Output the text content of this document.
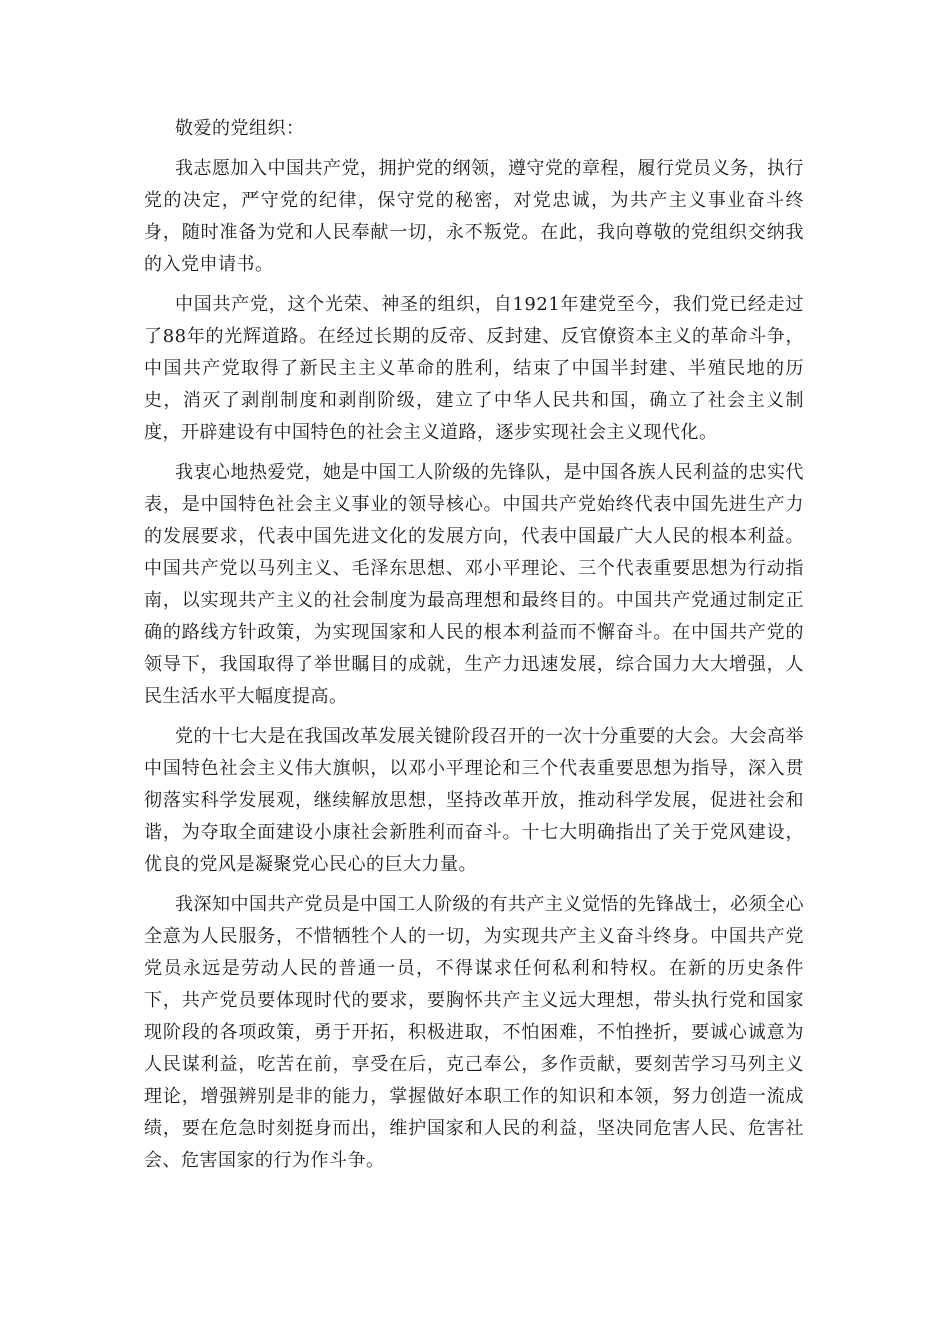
敬爱的党组织：

我志愿加入中国共产党，拥护党的纲领，遵守党的章程，履行党员义务，执行党的决定，严守党的纪律，保守党的秘密，对党忠诚，为共产主义事业奋斗终身，随时准备为党和人民奉献一切，永不叛党。在此，我向尊敬的党组织交纳我的入党申请书。

中国共产党，这个光荣、神圣的组织，自1921年建党至今，我们党已经走过了88年的光辉道路。在经过长期的反帝、反封建、反官僚资本主义的革命斗争，中国共产党取得了新民主主义革命的胜利，结束了中国半封建、半殖民地的历史，消灭了剥削制度和剥削阶级，建立了中华人民共和国，确立了社会主义制度，开辟建设有中国特色的社会主义道路，逐步实现社会主义现代化。

我衷心地热爱党，她是中国工人阶级的先锋队，是中国各族人民利益的忠实代表，是中国特色社会主义事业的领导核心。中国共产党始终代表中国先进生产力的发展要求，代表中国先进文化的发展方向，代表中国最广大人民的根本利益。中国共产党以马列主义、毛泽东思想、邓小平理论、三个代表重要思想为行动指南，以实现共产主义的社会制度为最高理想和最终目的。中国共产党通过制定正确的路线方针政策，为实现国家和人民的根本利益而不懈奋斗。在中国共产党的领导下，我国取得了举世瞩目的成就，生产力迅速发展，综合国力大大增强，人民生活水平大幅度提高。

党的十七大是在我国改革发展关键阶段召开的一次十分重要的大会。大会高举中国特色社会主义伟大旗帜，以邓小平理论和三个代表重要思想为指导，深入贯彻落实科学发展观，继续解放思想，坚持改革开放，推动科学发展，促进社会和谐，为夺取全面建设小康社会新胜利而奋斗。十七大明确指出了关于党风建设，优良的党风是凝聚党心民心的巨大力量。

我深知中国共产党员是中国工人阶级的有共产主义觉悟的先锋战士，必须全心全意为人民服务，不惜牺牲个人的一切，为实现共产主义奋斗终身。中国共产党党员永远是劳动人民的普通一员，不得谋求任何私利和特权。在新的历史条件下，共产党员要体现时代的要求，要胸怀共产主义远大理想，带头执行党和国家现阶段的各项政策，勇于开拓，积极进取，不怕困难，不怕挫折，要诚心诚意为人民谋利益，吃苦在前，享受在后，克己奉公，多作贡献，要刻苦学习马列主义理论，增强辨别是非的能力，掌握做好本职工作的知识和本领，努力创造一流成绩，要在危急时刻挺身而出，维护国家和人民的利益，坚决同危害人民、危害社会、危害国家的行为作斗争。
